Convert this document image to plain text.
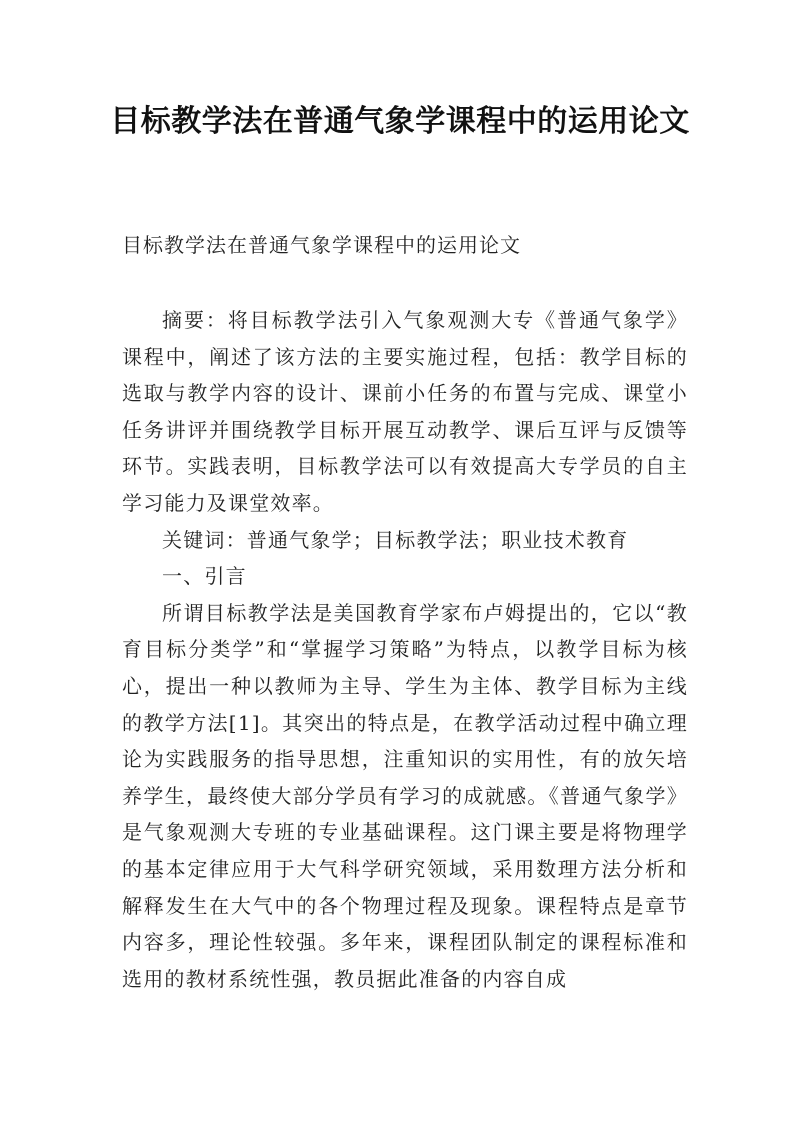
目标教学法在普通气象学课程中的运用论文
目标教学法在普通气象学课程中的运用论文

摘要：将目标教学法引入气象观测大专《普通气象学》课程中，阐述了该方法的主要实施过程，包括：教学目标的选取与教学内容的设计、课前小任务的布置与完成、课堂小任务讲评并围绕教学目标开展互动教学、课后互评与反馈等环节。实践表明，目标教学法可以有效提高大专学员的自主学习能力及课堂效率。

关键词：普通气象学；目标教学法；职业技术教育

一、引言

所谓目标教学法是美国教育学家布卢姆提出的，它以“教育目标分类学”和“掌握学习策略”为特点，以教学目标为核心，提出一种以教师为主导、学生为主体、教学目标为主线的教学方法[1]。其突出的特点是，在教学活动过程中确立理论为实践服务的指导思想，注重知识的实用性，有的放矢培养学生，最终使大部分学员有学习的成就感。《普通气象学》是气象观测大专班的专业基础课程。这门课主要是将物理学的基本定律应用于大气科学研究领域，采用数理方法分析和解释发生在大气中的各个物理过程及现象。课程特点是章节内容多，理论性较强。多年来，课程团队制定的课程标准和选用的教材系统性强，教员据此准备的内容自成
